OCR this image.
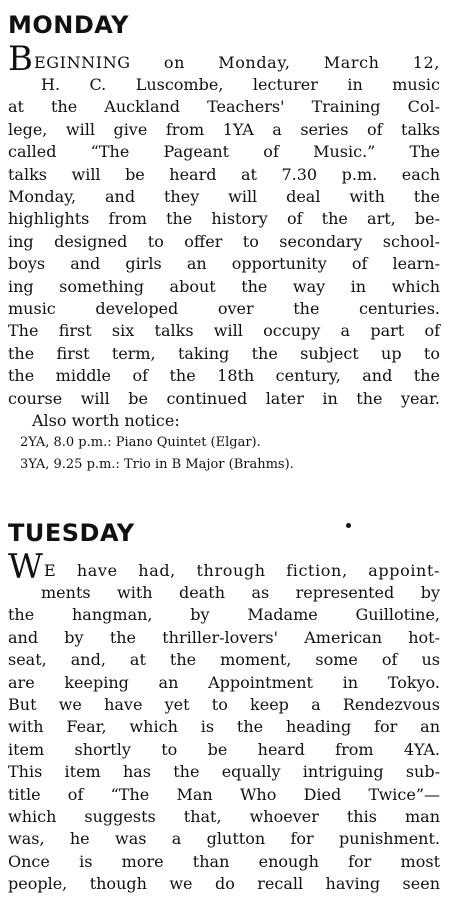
MONDAY
B EGINNING on Monday, March 12,
H. C. Luscombe, lecturer in music
at the Auckland Teachers' Training Col-
lege, will give from 1YA a series of talks
called “The Pageant of Music.” The
talks will be heard at 7.30 p.m. each
Monday, and they will deal with the
highlights from the history of the art, be-
ing designed to offer to secondary school-
boys and girls an opportunity of learn-
ing something about the way in which
music developed over the centuries.
The first six talks will occupy a part of
the first term, taking the subject up to
the middle of the 18th century, and the
course will be continued later in the year.
Also worth notice:
2YA, 8.0 p.m.: Piano Quintet (Elgar).
3YA, 9.25 p.m.: Trio in B Major (Brahms).
TUESDAY
W E have had, through fiction, appoint-
ments with death as represented by
the hangman, by Madame Guillotine,
and by the thriller-lovers' American hot-
seat, and, at the moment, some of us
are keeping an Appointment in Tokyo.
But we have yet to keep a Rendezvous
with Fear, which is the heading for an
item shortly to be heard from 4YA.
This item has the equally intriguing sub-
title of “The Man Who Died Twice”—
which suggests that, whoever this man
was, he was a glutton for punishment.
Once is more than enough for most
people, though we do recall having seen
